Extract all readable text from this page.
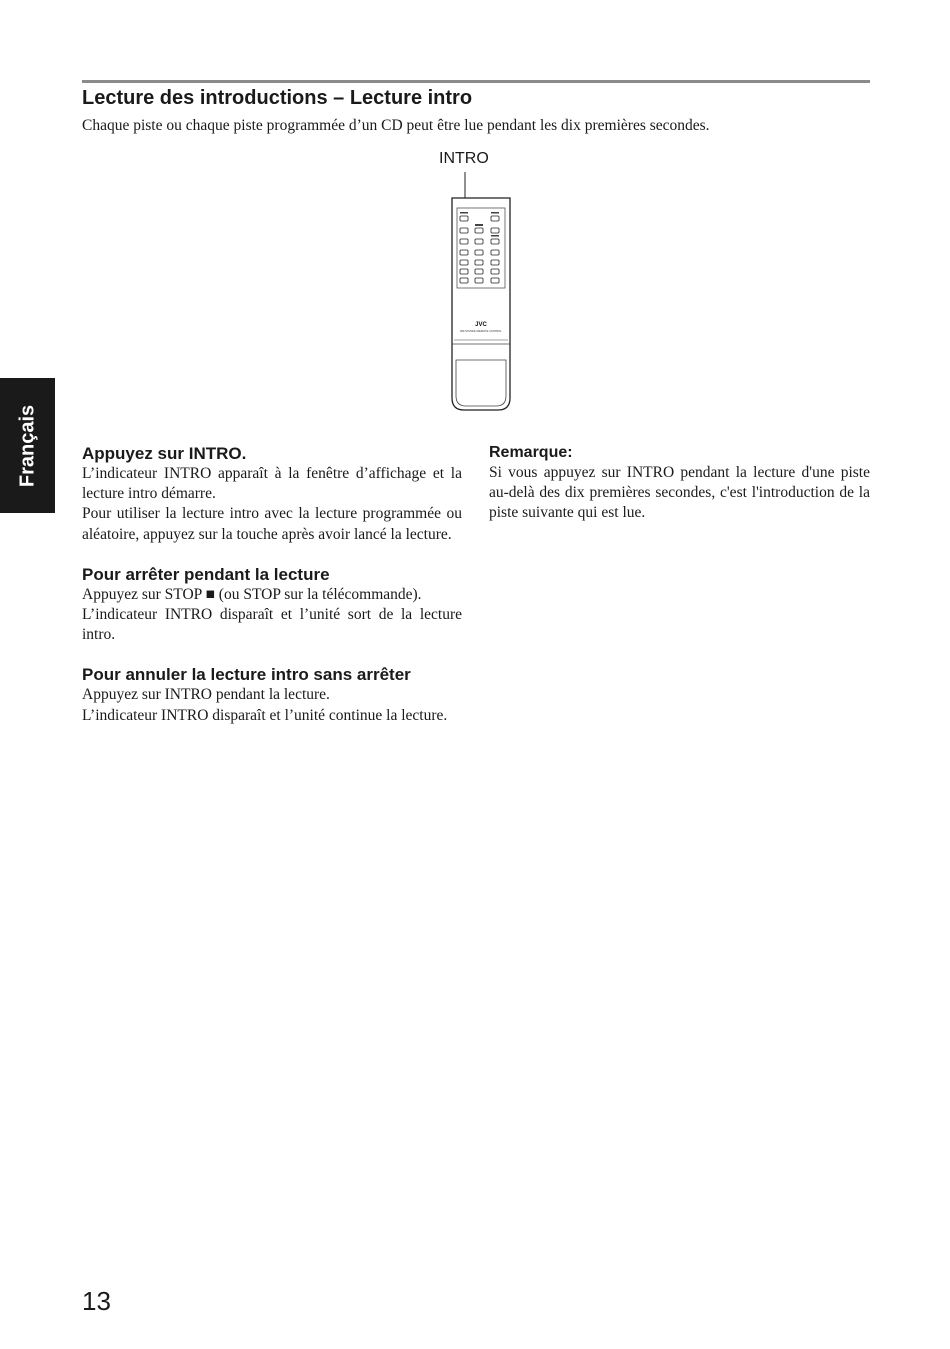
Lecture des introductions – Lecture intro

Chaque piste ou chaque piste programmée d’un CD peut être lue pendant les dix premières secondes.

INTRO

JVC
RM-SXV003U REMOTE CONTROL
Français	Appuyez sur INTRO.

L’indicateur INTRO apparaît à la fenêtre d’affichage et la lecture intro démarre.

Pour utiliser la lecture intro avec la lecture programmée ou aléatoire, appuyez sur la touche après avoir lancé la lecture.

Pour arrêter pendant la lecture

Appuyez sur STOP ■ (ou STOP sur la télécommande).

L’indicateur INTRO disparaît et l’unité sort de la lecture intro.

Pour annuler la lecture intro sans arrêter

Appuyez sur INTRO pendant la lecture.

L’indicateur INTRO disparaît et l’unité continue la lecture.

Remarque:

Si vous appuyez sur INTRO pendant la lecture d'une piste au-delà des dix premières secondes, c'est l'introduction de la piste suivante qui est lue.

13
